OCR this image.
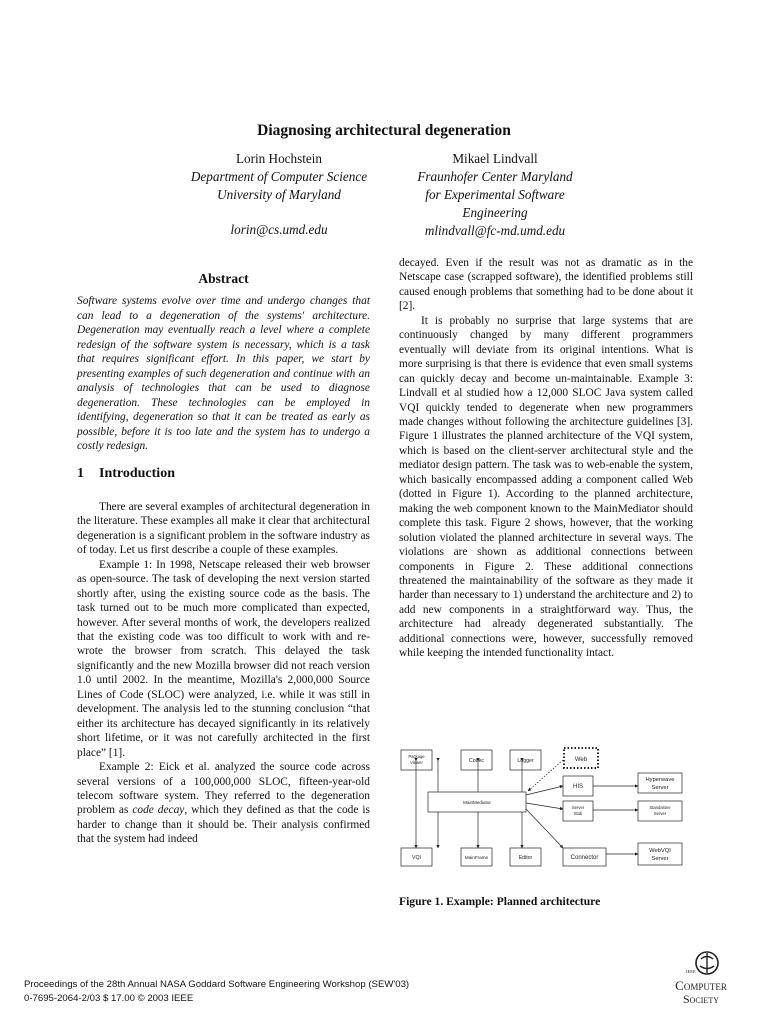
Diagnosing architectural degeneration
Lorin Hochstein
Department of Computer Science
University of Maryland
lorin@cs.umd.edu
Mikael Lindvall
Fraunhofer Center Maryland
for Experimental Software
Engineering
mlindvall@fc-md.umd.edu
Abstract

Software systems evolve over time and undergo changes that can lead to a degeneration of the systems' architecture. Degeneration may eventually reach a level where a complete redesign of the software system is necessary, which is a task that requires significant effort. In this paper, we start by presenting examples of such degeneration and continue with an analysis of technologies that can be used to diagnose degeneration. These technologies can be employed in identifying, degeneration so that it can be treated as early as possible, before it is too late and the system has to undergo a costly redesign.

1 Introduction

There are several examples of architectural degeneration in the literature. These examples all make it clear that architectural degeneration is a significant problem in the software industry as of today. Let us first describe a couple of these examples.

Example 1: In 1998, Netscape released their web browser as open-source. The task of developing the next version started shortly after, using the existing source code as the basis. The task turned out to be much more complicated than expected, however. After several months of work, the developers realized that the existing code was too difficult to work with and re-wrote the browser from scratch. This delayed the task significantly and the new Mozilla browser did not reach version 1.0 until 2002. In the meantime, Mozilla's 2,000,000 Source Lines of Code (SLOC) were analyzed, i.e. while it was still in development. The analysis led to the stunning conclusion “that either its architecture has decayed significantly in its relatively short lifetime, or it was not carefully architected in the first place” [1].

Example 2: Eick et al. analyzed the source code across several versions of a 100,000,000 SLOC, fifteen-year-old telecom software system. They referred to the degeneration problem as code decay, which they defined as that the code is harder to change than it should be. Their analysis confirmed that the system had indeed

decayed. Even if the result was not as dramatic as in the Netscape case (scrapped software), the identified problems still caused enough problems that something had to be done about it [2].

It is probably no surprise that large systems that are continuously changed by many different programmers eventually will deviate from its original intentions. What is more surprising is that there is evidence that even small systems can quickly decay and become un-maintainable. Example 3: Lindvall et al studied how a 12,000 SLOC Java system called VQI quickly tended to degenerate when new programmers made changes without following the architecture guidelines [3]. Figure 1 illustrates the planned architecture of the VQI system, which is based on the client-server architectural style and the mediator design pattern. The task was to web-enable the system, which basically encompassed adding a component called Web (dotted in Figure 1). According to the planned architecture, making the web component known to the MainMediator should complete this task. Figure 2 shows, however, that the working solution violated the planned architecture in several ways. The violations are shown as additional connections between components in Figure 2. These additional connections threatened the maintainability of the software as they made it harder than necessary to 1) understand the architecture and 2) to add new components in a straightforward way. Thus, the architecture had already degenerated substantially. The additional connections were, however, successfully removed while keeping the intended functionality intact.

Package
Viewer	Codec	Logger	Web
HIS
Hyperwave
Server
MainMediator
Server
Stub
Standalone
Server
VQI	MainFrame	Editor	Connector
WebVQI
Server
Figure 1. Example: Planned architecture
Proceedings of the 28th Annual NASA Goddard Software Engineering Workshop (SEW'03)
0-7695-2064-2/03 $ 17.00 © 2003 IEEE
IEEE
Computer
Society
